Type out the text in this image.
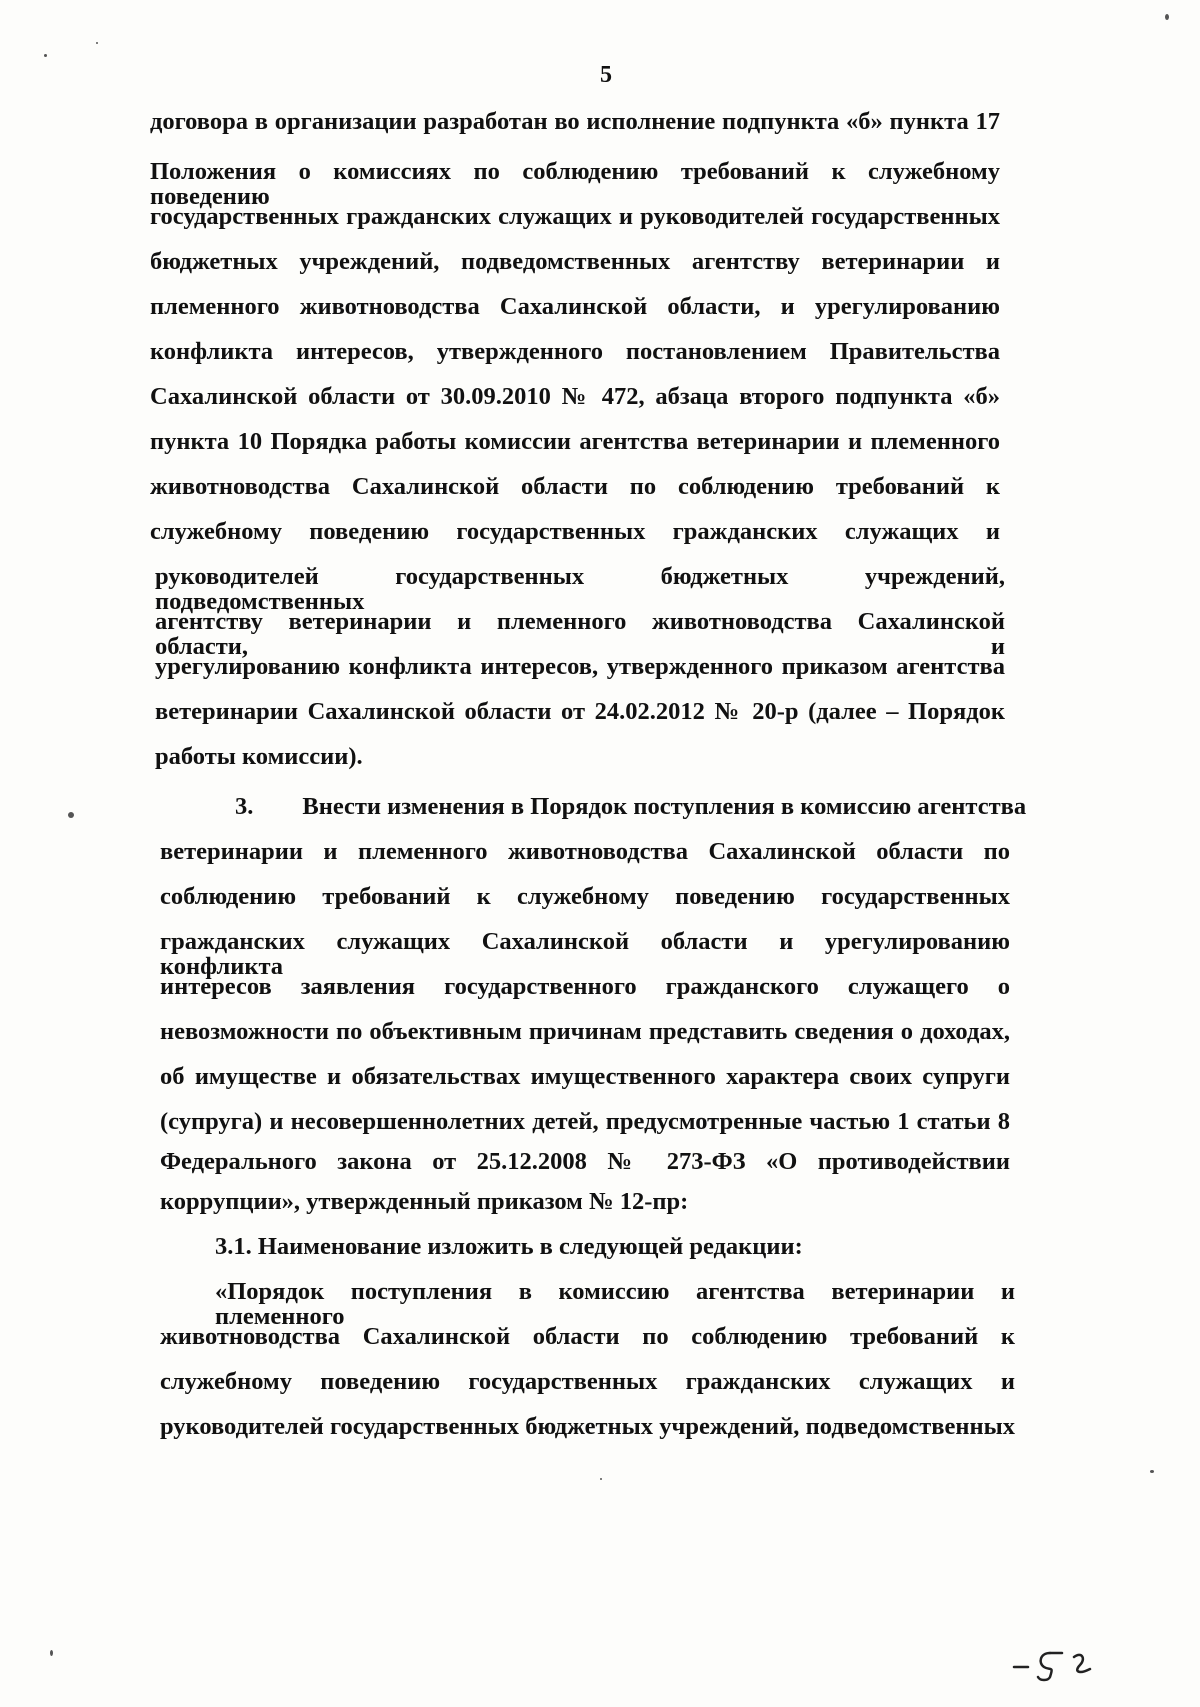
5
договора в организации разработан во исполнение подпункта «б» пункта 17
Положения о комиссиях по соблюдению требований к служебному поведению
государственных гражданских служащих и руководителей государственных
бюджетных учреждений, подведомственных агентству ветеринарии и
племенного животноводства Сахалинской области, и урегулированию
конфликта интересов, утвержденного постановлением Правительства
Сахалинской области от 30.09.2010 № 472, абзаца второго подпункта «б»
пункта 10 Порядка работы комиссии агентства ветеринарии и племенного
животноводства Сахалинской области по соблюдению требований к
служебному поведению государственных гражданских служащих и
руководителей государственных бюджетных учреждений, подведомственных
агентству ветеринарии и племенного животноводства Сахалинской области, и
урегулированию конфликта интересов, утвержденного приказом агентства
ветеринарии Сахалинской области от 24.02.2012 № 20-р (далее – Порядок
работы комиссии).
3.        Внести изменения в Порядок поступления в комиссию агентства
ветеринарии и племенного животноводства Сахалинской области по
соблюдению требований к служебному поведению государственных
гражданских служащих Сахалинской области и урегулированию конфликта
интересов заявления государственного гражданского служащего о
невозможности по объективным причинам представить сведения о доходах,
об имуществе и обязательствах имущественного характера своих супруги
(супруга) и несовершеннолетних детей, предусмотренные частью 1 статьи 8
Федерального закона от 25.12.2008 № 273-ФЗ «О противодействии
коррупции», утвержденный приказом № 12-пр:
3.1. Наименование изложить в следующей редакции:
«Порядок поступления в комиссию агентства ветеринарии и племенного
животноводства Сахалинской области по соблюдению требований к
служебному поведению государственных гражданских служащих и
руководителей государственных бюджетных учреждений, подведомственных
